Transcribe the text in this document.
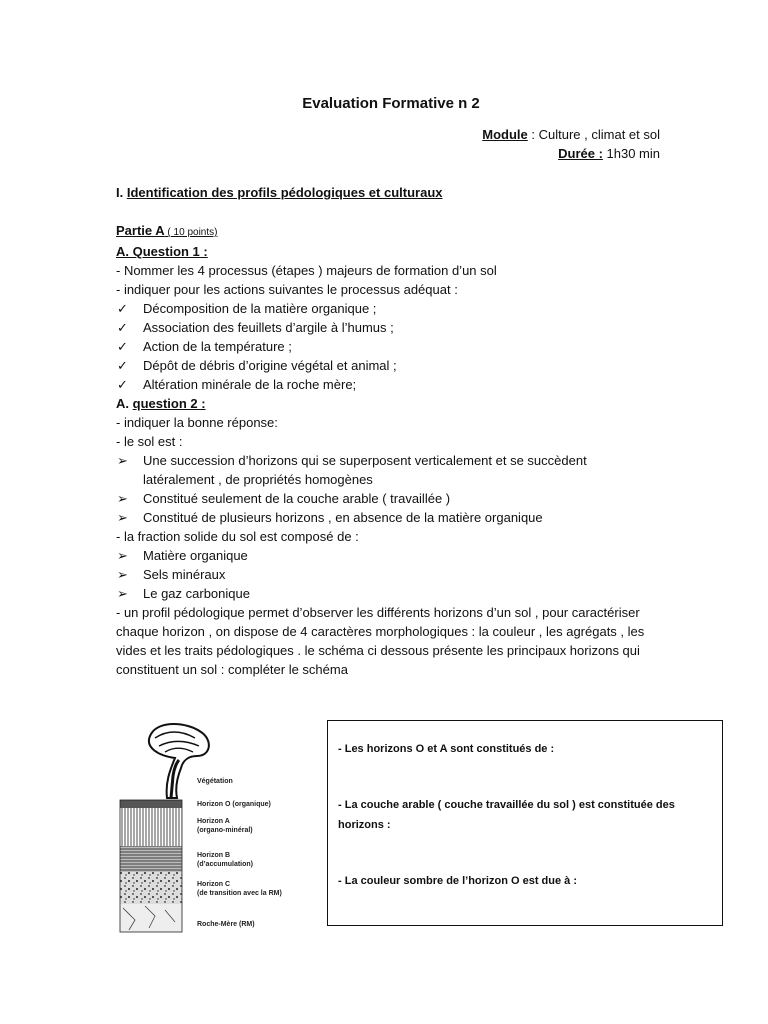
Evaluation Formative n 2
Module : Culture , climat et sol
Durée : 1h30 min
I. Identification des profils pédologiques et culturaux
Partie A ( 10 points)
A. Question 1 :
- Nommer les 4 processus (étapes ) majeurs de formation d’un sol
- indiquer pour les actions suivantes le processus adéquat :
✓ Décomposition de la matière organique ;
✓ Association des feuillets d’argile à l’humus ;
✓ Action de la température ;
✓ Dépôt de débris d’origine végétal et animal ;
✓ Altération minérale de la roche mère;
A. question 2 :
- indiquer la bonne réponse:
- le sol est :
➢ Une succession d’horizons qui se superposent verticalement et se succèdent latéralement , de propriétés homogènes
➢ Constitué seulement de la couche arable ( travaillée )
➢ Constitué de plusieurs horizons , en absence de la matière organique
- la fraction solide du sol est composé de :
➢ Matière organique
➢ Sels minéraux
➢ Le gaz carbonique
- un profil pédologique permet d’observer les différents horizons d’un sol , pour caractériser chaque horizon , on dispose de 4 caractères morphologiques : la couleur , les agrégats , les vides et les traits pédologiques . le schéma ci dessous présente les principaux horizons qui constituent un sol : compléter le schéma
Végétation
Horizon O (organique)
Horizon A
(organo-minéral)
Horizon B
(d’accumulation)
Horizon C
(de transition avec la RM)
Roche-Mère (RM)
- Les horizons O et A sont constitués de :
- La couche arable ( couche travaillée du sol ) est constituée des horizons :
- La couleur sombre de l’horizon O est due à :
